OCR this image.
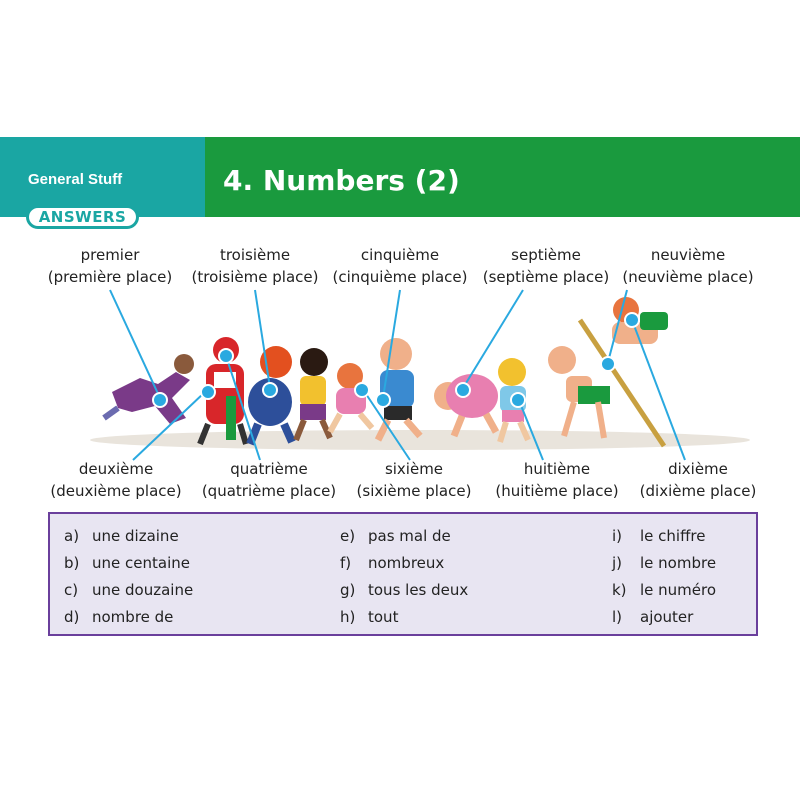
General Stuff	4. Numbers (2)
ANSWERS
premier
(première place)
troisième
(troisième place)
cinquième
(cinquième place)
septième
(septième place)
neuvième
(neuvième place)
deuxième
(deuxième place)
quatrième
(quatrième place)
sixième
(sixième place)
huitième
(huitième place)
dixième
(dixième place)
a) une dizaine
b) une centaine
c) une douzaine
d) nombre de
e) pas mal de
f) nombreux
g) tous les deux
h) tout
i) le chiffre
j) le nombre
k) le numéro
l) ajouter
